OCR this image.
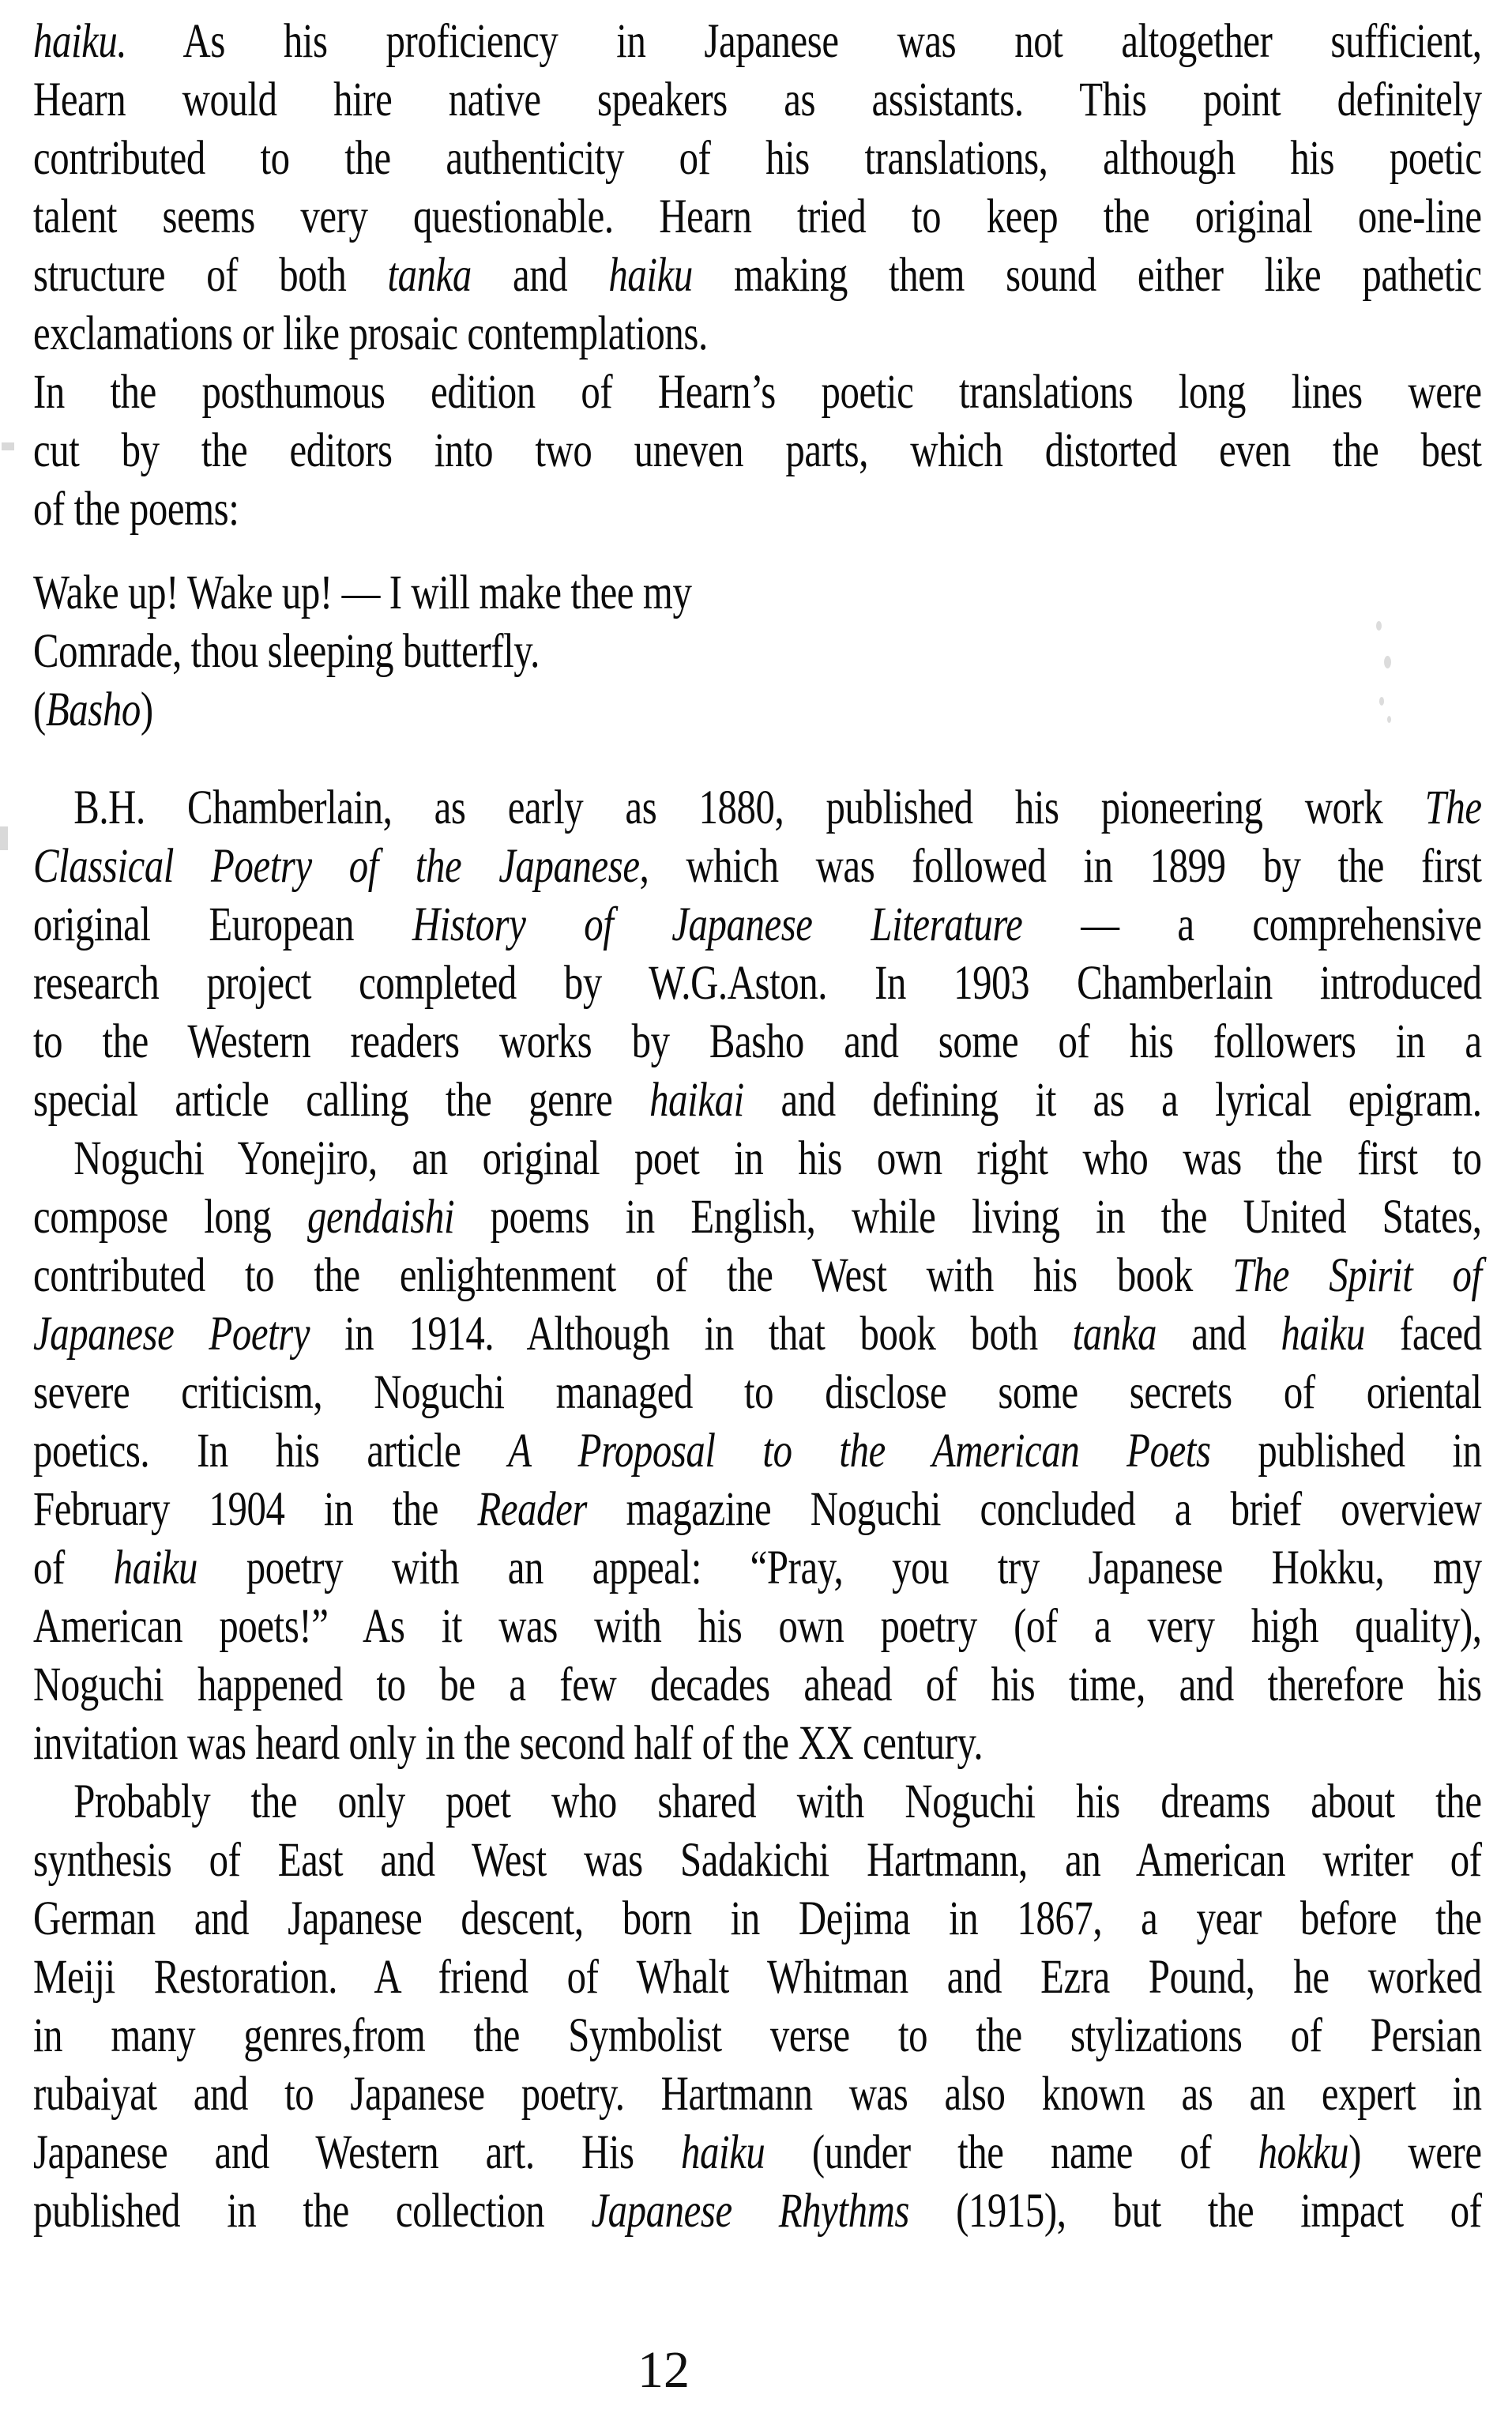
haiku. As his proficiency in Japanese was not altogether sufficient,
Hearn would hire native speakers as assistants. This point definitely
contributed to the authenticity of his translations, although his poetic
talent seems very questionable. Hearn tried to keep the original one-line
structure of both tanka and haiku making them sound either like pathetic
exclamations or like prosaic contemplations.
In the posthumous edition of Hearn’s poetic translations long lines were
cut by the editors into two uneven parts, which distorted even the best
of the poems:
Wake up! Wake up! — I will make thee my
Comrade, thou sleeping butterfly.
(Basho)
B.H. Chamberlain, as early as 1880, published his pioneering work The
Classical Poetry of the Japanese, which was followed in 1899 by the first
original European History of Japanese Literature — a comprehensive
research project completed by W.G.Aston. In 1903 Chamberlain introduced
to the Western readers works by Basho and some of his followers in a
special article calling the genre haikai and defining it as a lyrical epigram.
Noguchi Yonejiro, an original poet in his own right who was the first to
compose long gendaishi poems in English, while living in the United States,
contributed to the enlightenment of the West with his book The Spirit of
Japanese Poetry in 1914. Although in that book both tanka and haiku faced
severe criticism, Noguchi managed to disclose some secrets of oriental
poetics. In his article A Proposal to the American Poets published in
February 1904 in the Reader magazine Noguchi concluded a brief overview
of haiku poetry with an appeal: “Pray, you try Japanese Hokku, my
American poets!” As it was with his own poetry (of a very high quality),
Noguchi happened to be a few decades ahead of his time, and therefore his
invitation was heard only in the second half of the XX century.
Probably the only poet who shared with Noguchi his dreams about the
synthesis of East and West was Sadakichi Hartmann, an American writer of
German and Japanese descent, born in Dejima in 1867, a year before the
Meiji Restoration. A friend of Whalt Whitman and Ezra Pound, he worked
in many genres,from the Symbolist verse to the stylizations of Persian
rubaiyat and to Japanese poetry. Hartmann was also known as an expert in
Japanese and Western art. His haiku (under the name of hokku) were
published in the collection Japanese Rhythms (1915), but the impact of
12
